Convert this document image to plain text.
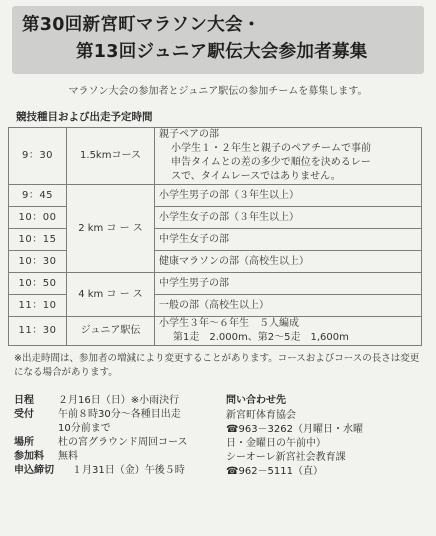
第30回新宮町マラソン大会・
第13回ジュニア駅伝大会参加者募集
マラソン大会の参加者とジュニア駅伝の参加チームを募集します。
競技種目および出走予定時間
9：30	1.5kmコース	親子ペアの部
小学生１・２年生と親子のペアチームで事前
申告タイムとの差の多少で順位を決めるレー
スで、タイムレースではありません。

9：45	2 km コ ー ス	小学生男子の部（３年生以上）
10：00		小学生女子の部（３年生以上）
10：15		中学生女子の部
10：30		健康マラソンの部（高校生以上）
10：50	4 km コ ー ス	中学生男子の部
11：10		一般の部（高校生以上）
11：30	ジュニア駅伝	小学生３年〜６年生　５人編成

第1走　2.000m、第2〜5走　1,600m
※出走時間は、参加者の増減により変更することがあります。コースおよびコースの長さは変更になる場合があります。
日程	２月16日（日）※小雨決行
受付	午前８時30分～各種目出走
10分前まで
場所	杜の宮グラウンド周回コース
参加料	無料
申込締切	１月31日（金）午後５時
問い合わせ先
新宮町体育協会
☎963－3262（月曜日・水曜
日・金曜日の午前中）
シーオーレ新宮社会教育課
☎962－5111（直）
